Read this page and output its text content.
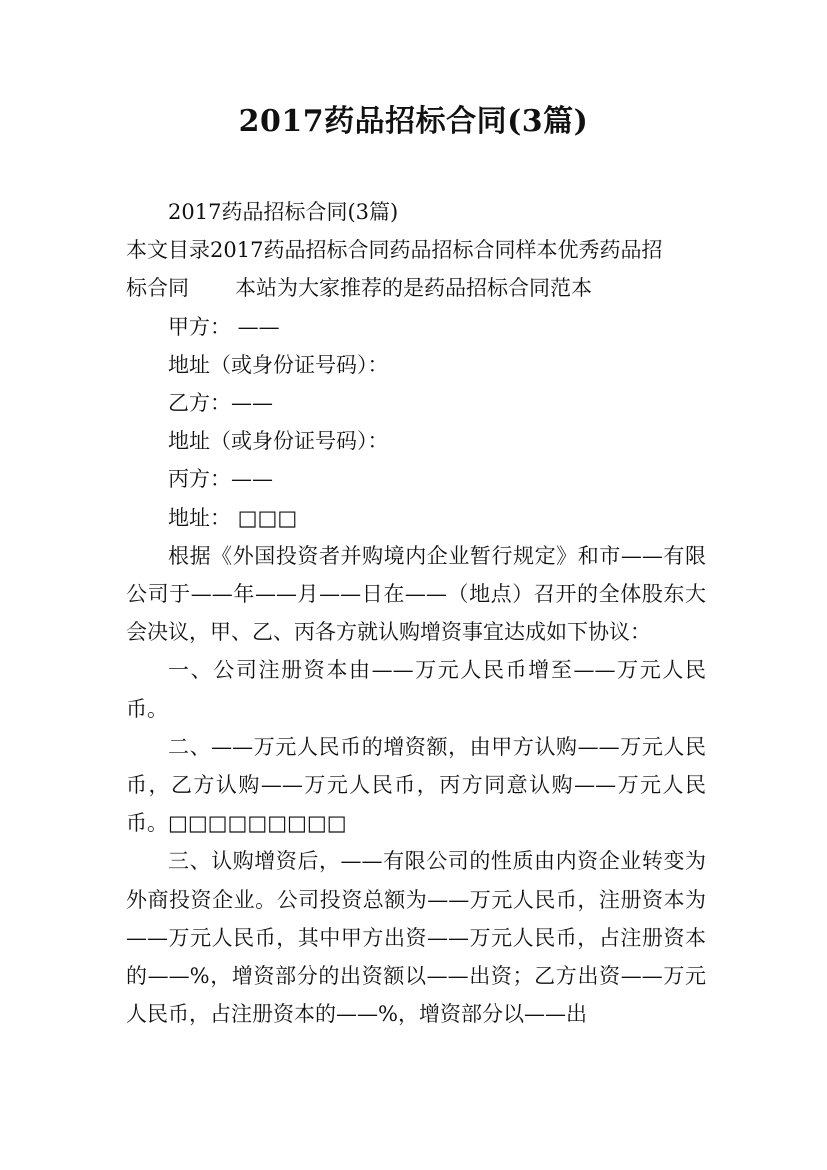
2017药品招标合同(3篇)
2017药品招标合同(3篇)
本文目录2017药品招标合同药品招标合同样本优秀药品招
标合同 本站为大家推荐的是药品招标合同范本
甲方： ——
地址（或身份证号码）：
乙方：——
地址（或身份证号码）：
丙方：——
地址： □□□

根据《外国投资者并购境内企业暂行规定》和市——有限公司于——年——月——日在——（地点）召开的全体股东大会决议，甲、乙、丙各方就认购增资事宜达成如下协议：

一、公司注册资本由——万元人民币增至——万元人民币。

二、——万元人民币的增资额，由甲方认购——万元人民币，乙方认购——万元人民币，丙方同意认购——万元人民币。□□□□□□□□□

三、认购增资后，——有限公司的性质由内资企业转变为外商投资企业。公司投资总额为——万元人民币，注册资本为——万元人民币，其中甲方出资——万元人民币，占注册资本的——%，增资部分的出资额以——出资；乙方出资——万元人民币，占注册资本的——%，增资部分以——出
